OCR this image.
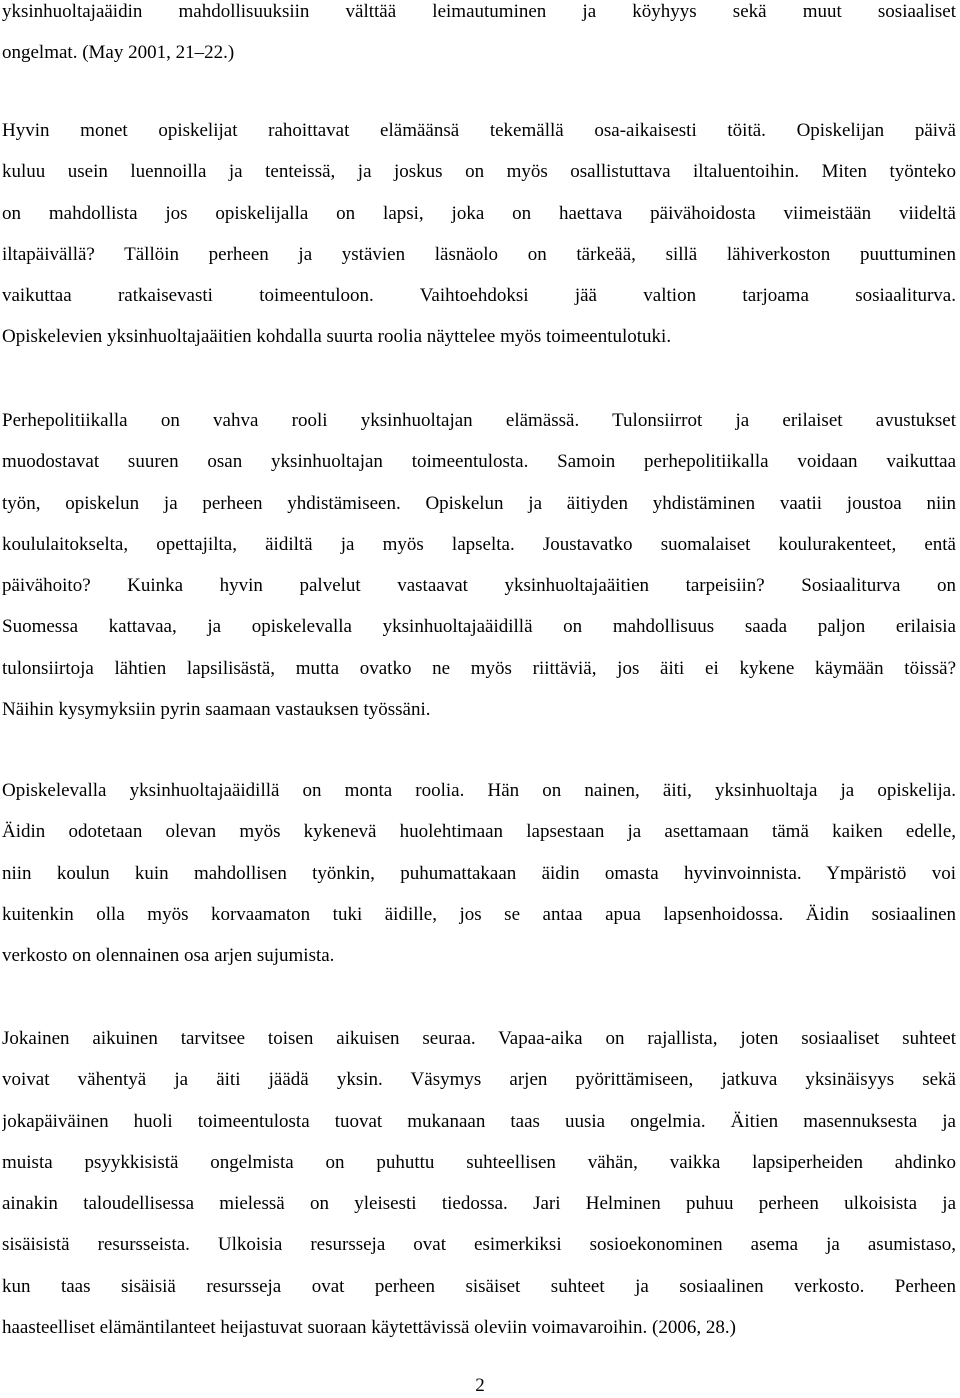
yksinhuoltajaäidin mahdollisuuksiin välttää leimautuminen ja köyhyys sekä muut sosiaaliset
ongelmat. (May 2001, 21–22.)
Hyvin monet opiskelijat rahoittavat elämäänsä tekemällä osa-aikaisesti töitä. Opiskelijan päivä
kuluu usein luennoilla ja tenteissä, ja joskus on myös osallistuttava iltaluentoihin. Miten työnteko
on mahdollista jos opiskelijalla on lapsi, joka on haettava päivähoidosta viimeistään viideltä
iltapäivällä? Tällöin perheen ja ystävien läsnäolo on tärkeää, sillä lähiverkoston puuttuminen
vaikuttaa ratkaisevasti toimeentuloon. Vaihtoehdoksi jää valtion tarjoama sosiaaliturva.
Opiskelevien yksinhuoltajaäitien kohdalla suurta roolia näyttelee myös toimeentulotuki.
Perhepolitiikalla on vahva rooli yksinhuoltajan elämässä. Tulonsiirrot ja erilaiset avustukset
muodostavat suuren osan yksinhuoltajan toimeentulosta. Samoin perhepolitiikalla voidaan vaikuttaa
työn, opiskelun ja perheen yhdistämiseen. Opiskelun ja äitiyden yhdistäminen vaatii joustoa niin
koululaitokselta, opettajilta, äidiltä ja myös lapselta. Joustavatko suomalaiset koulurakenteet, entä
päivähoito? Kuinka hyvin palvelut vastaavat yksinhuoltajaäitien tarpeisiin? Sosiaaliturva on
Suomessa kattavaa, ja opiskelevalla yksinhuoltajaäidillä on mahdollisuus saada paljon erilaisia
tulonsiirtoja lähtien lapsilisästä, mutta ovatko ne myös riittäviä, jos äiti ei kykene käymään töissä?
Näihin kysymyksiin pyrin saamaan vastauksen työssäni.
Opiskelevalla yksinhuoltajaäidillä on monta roolia. Hän on nainen, äiti, yksinhuoltaja ja opiskelija.
Äidin odotetaan olevan myös kykenevä huolehtimaan lapsestaan ja asettamaan tämä kaiken edelle,
niin koulun kuin mahdollisen työnkin, puhumattakaan äidin omasta hyvinvoinnista. Ympäristö voi
kuitenkin olla myös korvaamaton tuki äidille, jos se antaa apua lapsenhoidossa. Äidin sosiaalinen
verkosto on olennainen osa arjen sujumista.
Jokainen aikuinen tarvitsee toisen aikuisen seuraa. Vapaa-aika on rajallista, joten sosiaaliset suhteet
voivat vähentyä ja äiti jäädä yksin. Väsymys arjen pyörittämiseen, jatkuva yksinäisyys sekä
jokapäiväinen huoli toimeentulosta tuovat mukanaan taas uusia ongelmia. Äitien masennuksesta ja
muista psyykkisistä ongelmista on puhuttu suhteellisen vähän, vaikka lapsiperheiden ahdinko
ainakin taloudellisessa mielessä on yleisesti tiedossa. Jari Helminen puhuu perheen ulkoisista ja
sisäisistä resursseista. Ulkoisia resursseja ovat esimerkiksi sosioekonominen asema ja asumistaso,
kun taas sisäisiä resursseja ovat perheen sisäiset suhteet ja sosiaalinen verkosto. Perheen
haasteelliset elämäntilanteet heijastuvat suoraan käytettävissä oleviin voimavaroihin. (2006, 28.)
2
